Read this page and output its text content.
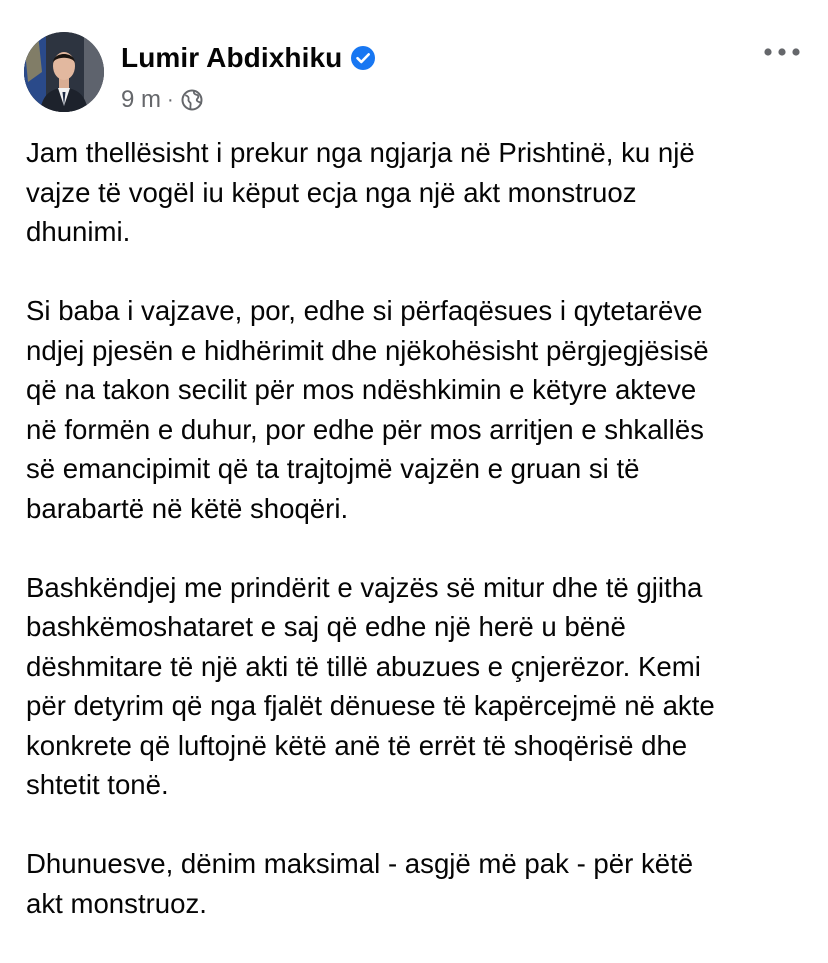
Lumir Abdixhiku
9 m ·

Jam thellësisht i prekur nga ngjarja në Prishtinë, ku një
vajze të vogël iu këput ecja nga një akt monstruoz
dhunimi.

Si baba i vajzave, por, edhe si përfaqësues i qytetarëve
ndjej pjesën e hidhërimit dhe njëkohësisht përgjegjësisë
që na takon secilit për mos ndëshkimin e këtyre akteve
në formën e duhur, por edhe për mos arritjen e shkallës
së emancipimit që ta trajtojmë vajzën e gruan si të
barabartë në këtë shoqëri.

Bashkëndjej me prindërit e vajzës së mitur dhe të gjitha
bashkëmoshataret e saj që edhe një herë u bënë
dëshmitare të një akti të tillë abuzues e çnjerëzor. Kemi
për detyrim që nga fjalët dënuese të kapërcejmë në akte
konkrete që luftojnë këtë anë të errët të shoqërisë dhe
shtetit tonë.

Dhunuesve, dënim maksimal - asgjë më pak - për këtë
akt monstruoz.
